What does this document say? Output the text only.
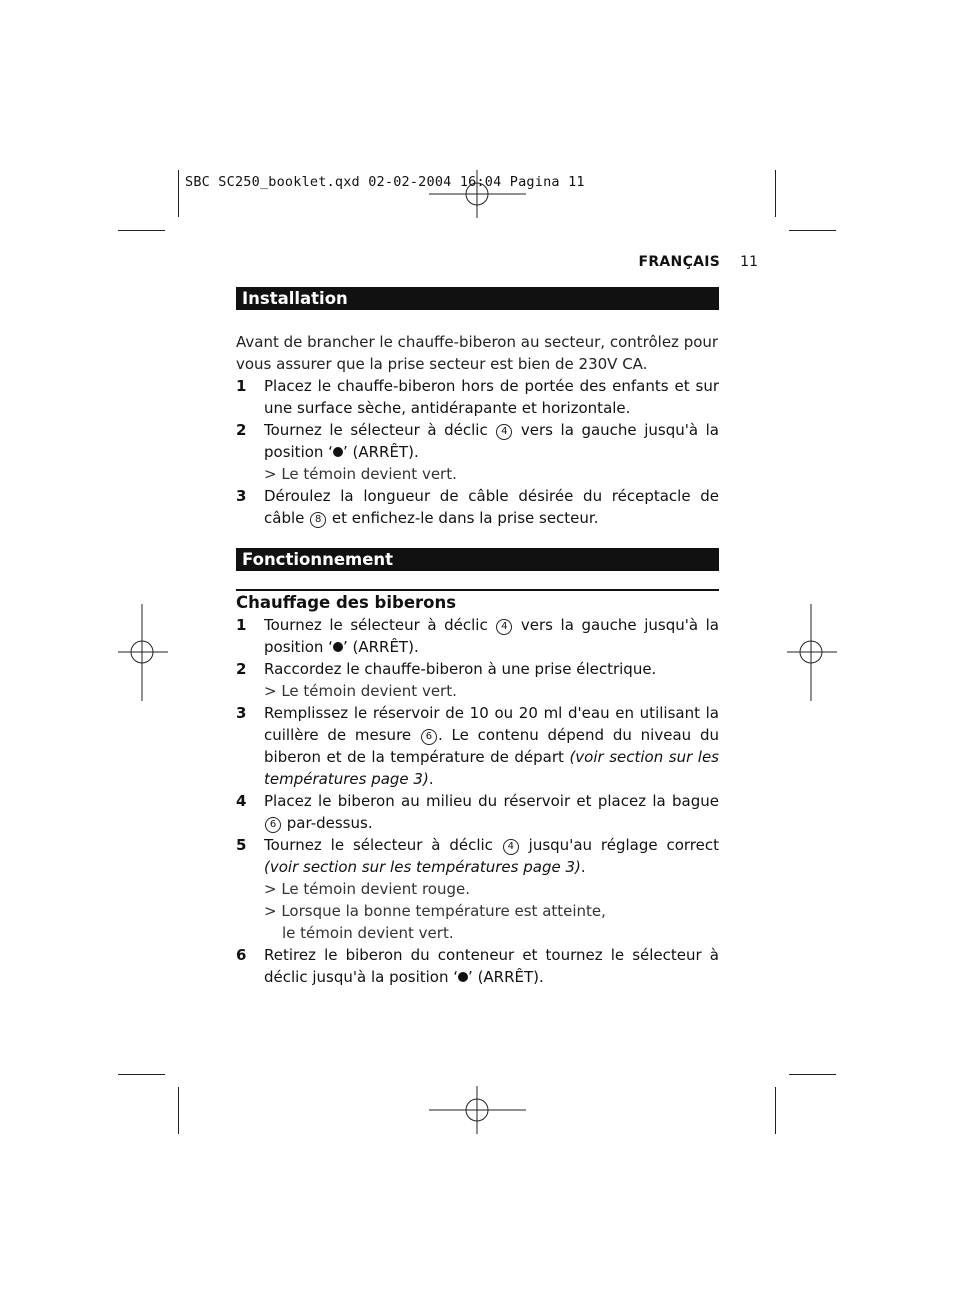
SBC SC250_booklet.qxd 02-02-2004 16:04 Pagina 11
FRANÇAIS 11
Installation
Avant de brancher le chauffe-biberon au secteur, contrôlez pour vous assurer que la prise secteur est bien de 230V CA.
1	Placez le chauffe-biberon hors de portée des enfants et sur une surface sèche, antidérapante et horizontale.
2	Tournez le sélecteur à déclic 4 vers la gauche jusqu'à la position ‘ ’ (ARRÊT).
> Le témoin devient vert.
3	Déroulez la longueur de câble désirée du réceptacle de câble 8 et enfichez-le dans la prise secteur.
Fonctionnement
Chauffage des biberons
1	Tournez le sélecteur à déclic 4 vers la gauche jusqu'à la position ‘ ’ (ARRÊT).
2	Raccordez le chauffe-biberon à une prise électrique.
> Le témoin devient vert.
3	Remplissez le réservoir de 10 ou 20 ml d'eau en utilisant la cuillère de mesure 6 . Le contenu dépend du niveau du biberon et de la température de départ (voir section sur les températures page 3).
4	Placez le biberon au milieu du réservoir et placez la bague 6 par-dessus.
5	Tournez le sélecteur à déclic 4 jusqu'au réglage correct (voir section sur les températures page 3).
> Le témoin devient rouge.
> Lorsque la bonne température est atteinte,
le témoin devient vert.
6	Retirez le biberon du conteneur et tournez le sélecteur à déclic jusqu'à la position ‘ ’ (ARRÊT).
